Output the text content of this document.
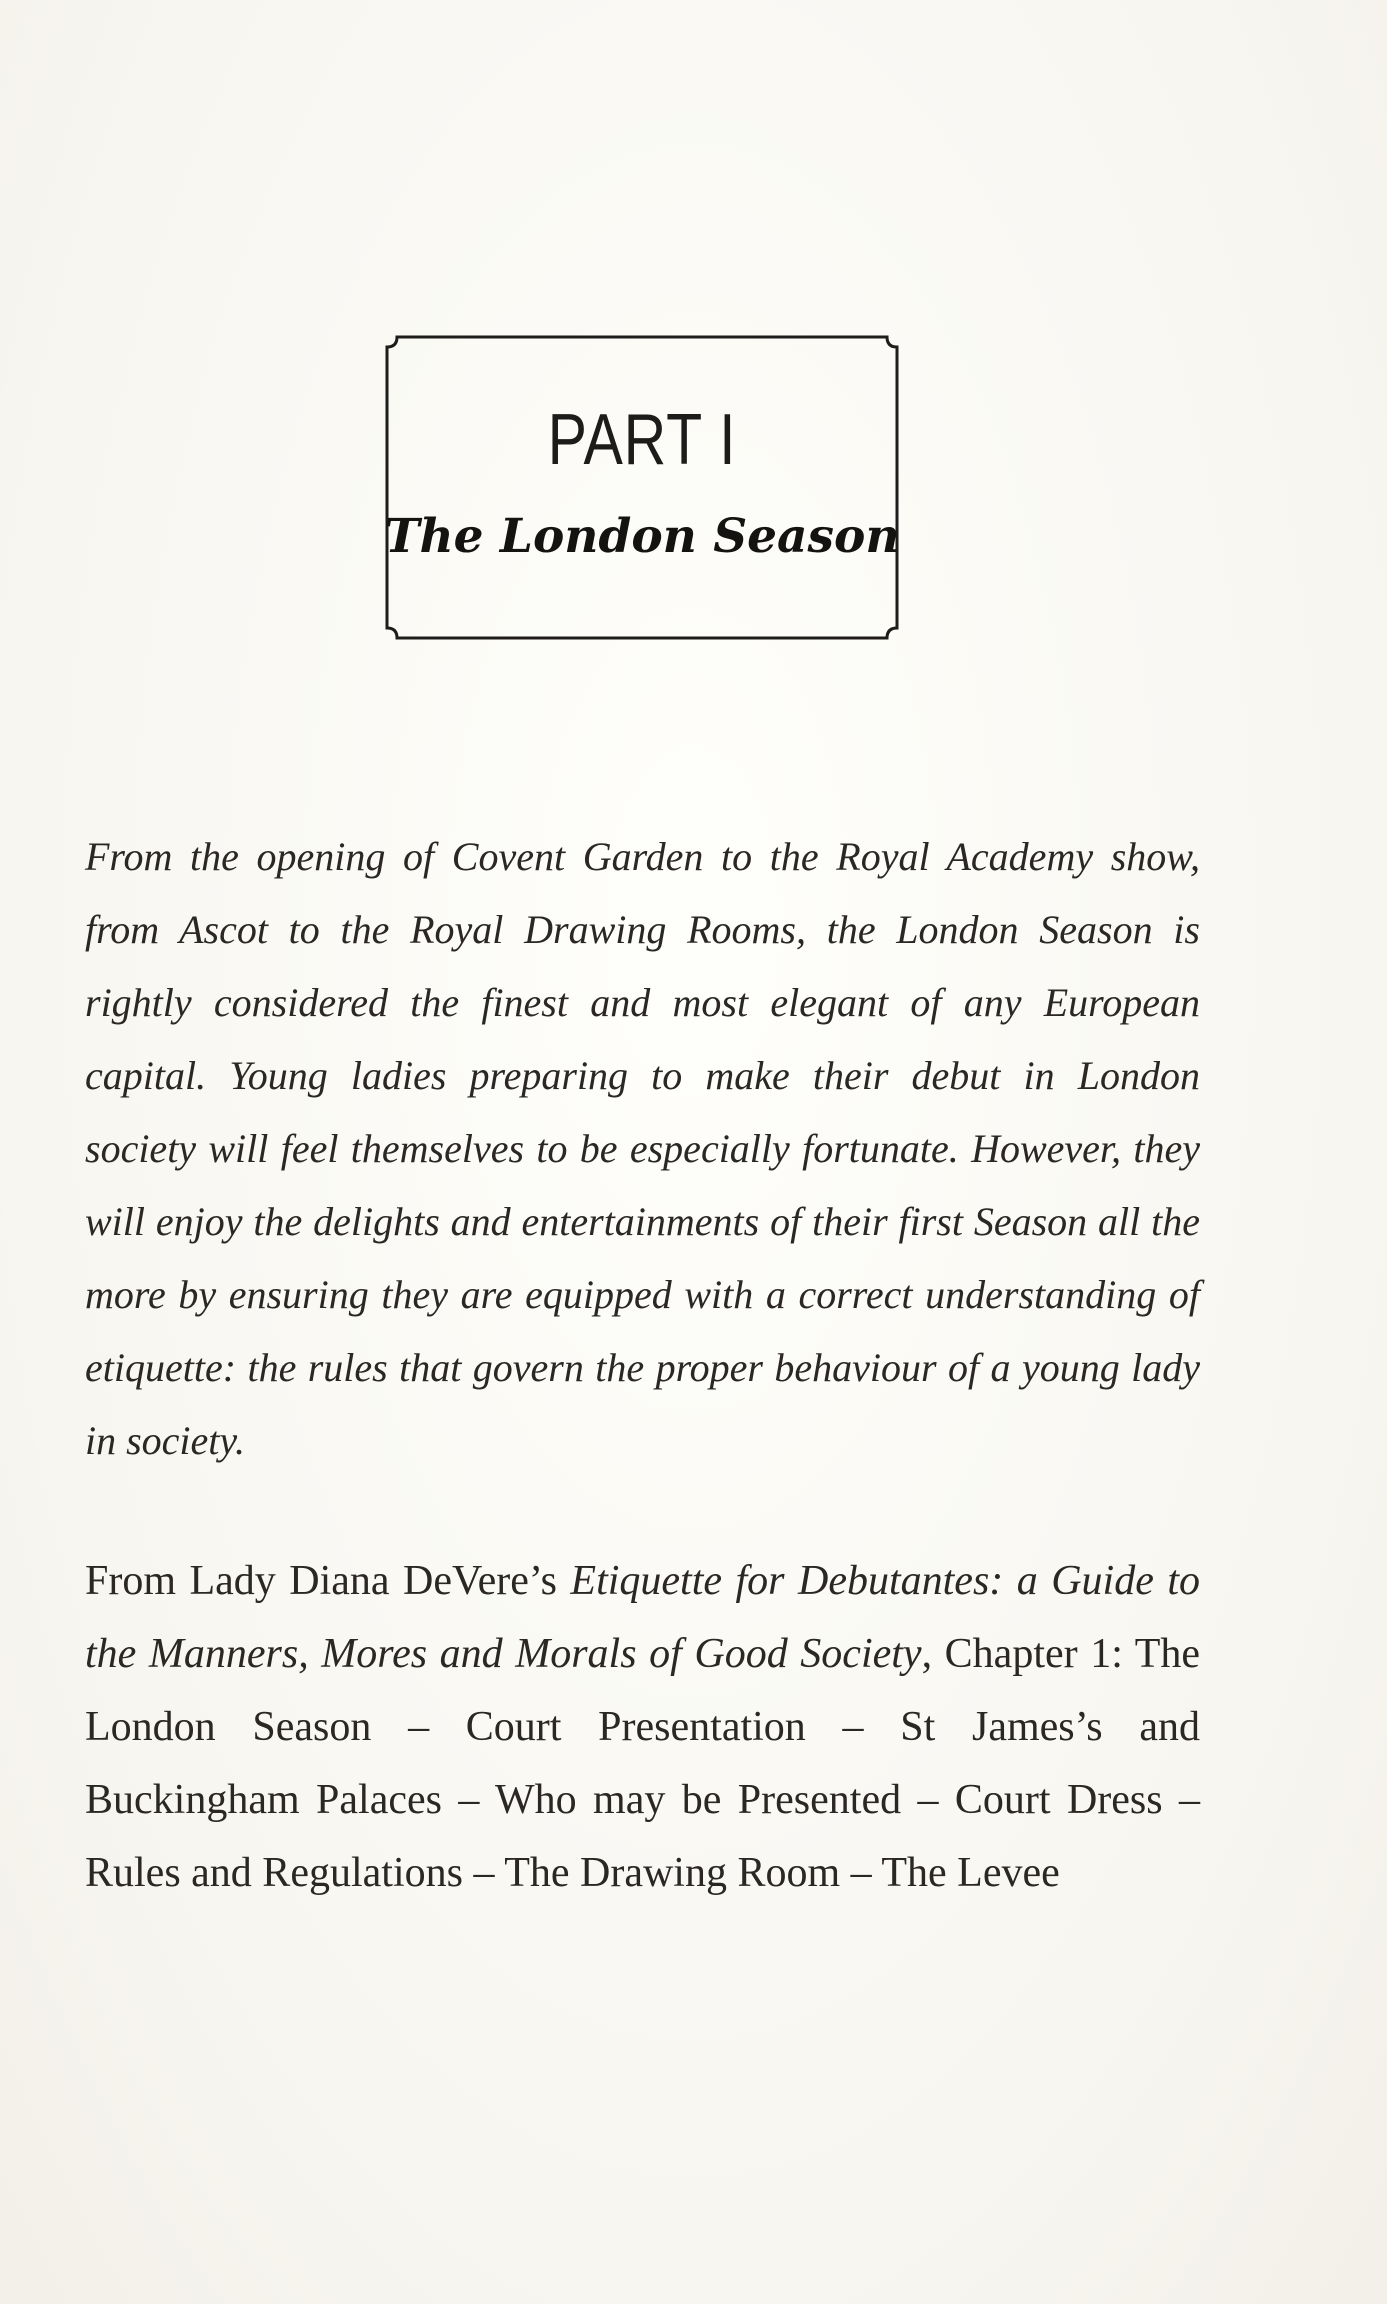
PART I
The London Season

From the opening of Covent Garden to the Royal Academy show, from Ascot to the Royal Drawing Rooms, the London Season is rightly considered the finest and most elegant of any European capital. Young ladies preparing to make their debut in London society will feel themselves to be especially fortunate. However, they will enjoy the delights and entertainments of their first Season all the more by ensuring they are equipped with a correct understanding of etiquette: the rules that govern the proper behaviour of a young lady in society.

From Lady Diana DeVere’s Etiquette for Debutantes: a Guide to the Manners, Mores and Morals of Good Society, Chapter 1: The London Season – Court Presentation – St James’s and Buckingham Palaces – Who may be Presented – Court Dress – Rules and Regulations – The Drawing Room – The Levee
